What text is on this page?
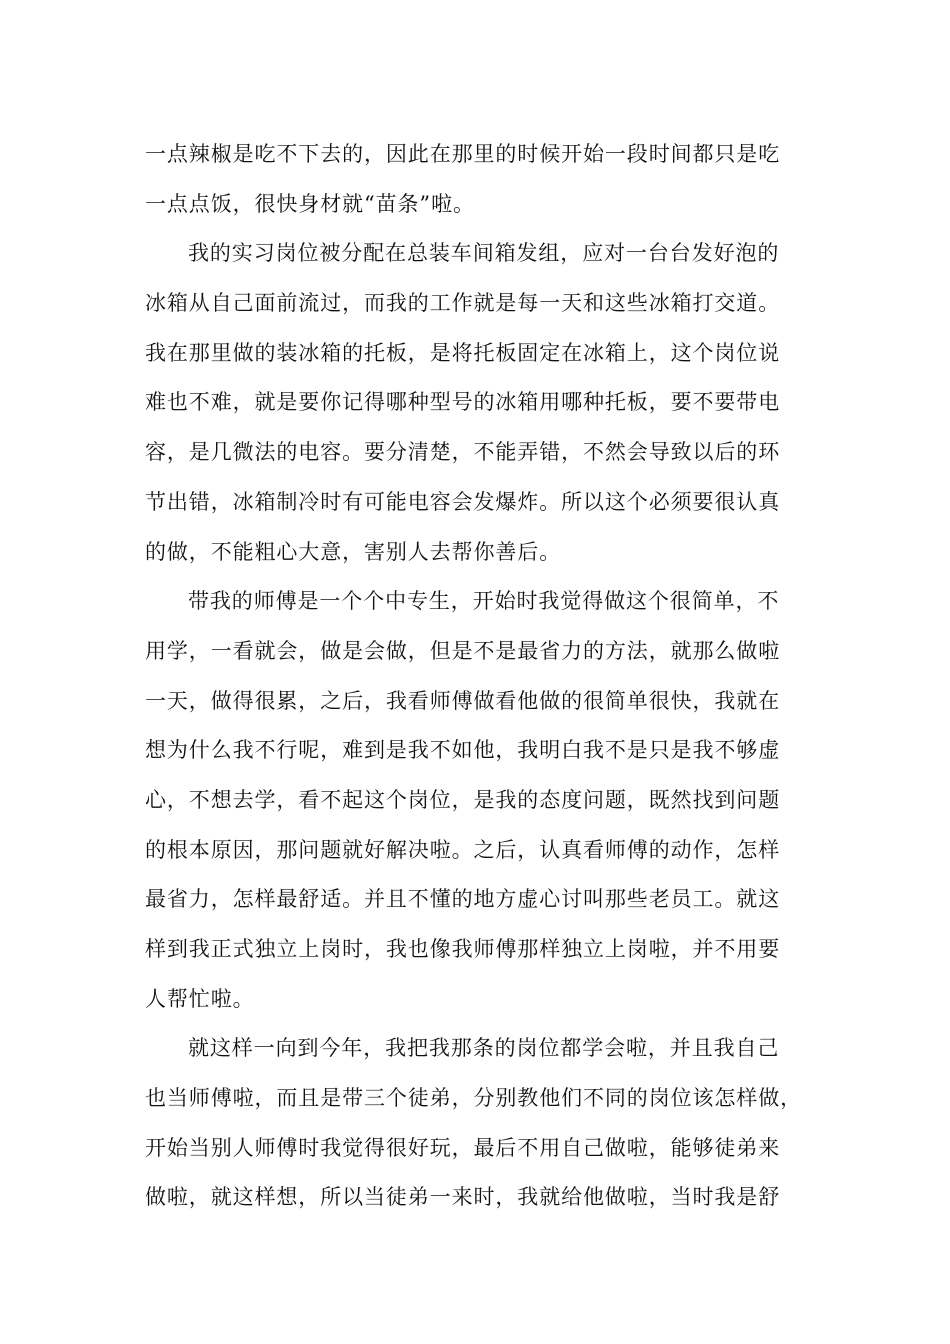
一点辣椒是吃不下去的，因此在那里的时候开始一段时间都只是吃
一点点饭，很快身材就“苗条”啦。
我的实习岗位被分配在总装车间箱发组，应对一台台发好泡的
冰箱从自己面前流过，而我的工作就是每一天和这些冰箱打交道。
我在那里做的装冰箱的托板，是将托板固定在冰箱上，这个岗位说
难也不难，就是要你记得哪种型号的冰箱用哪种托板，要不要带电
容，是几微法的电容。要分清楚，不能弄错，不然会导致以后的环
节出错，冰箱制冷时有可能电容会发爆炸。所以这个必须要很认真
的做，不能粗心大意，害别人去帮你善后。
带我的师傅是一个个中专生，开始时我觉得做这个很简单，不
用学，一看就会，做是会做，但是不是最省力的方法，就那么做啦
一天，做得很累，之后，我看师傅做看他做的很简单很快，我就在
想为什么我不行呢，难到是我不如他，我明白我不是只是我不够虚
心，不想去学，看不起这个岗位，是我的态度问题，既然找到问题
的根本原因，那问题就好解决啦。之后，认真看师傅的动作，怎样
最省力，怎样最舒适。并且不懂的地方虚心讨叫那些老员工。就这
样到我正式独立上岗时，我也像我师傅那样独立上岗啦，并不用要
人帮忙啦。
就这样一向到今年，我把我那条的岗位都学会啦，并且我自己
也当师傅啦，而且是带三个徒弟，分别教他们不同的岗位该怎样做，
开始当别人师傅时我觉得很好玩，最后不用自己做啦，能够徒弟来
做啦，就这样想，所以当徒弟一来时，我就给他做啦，当时我是舒
